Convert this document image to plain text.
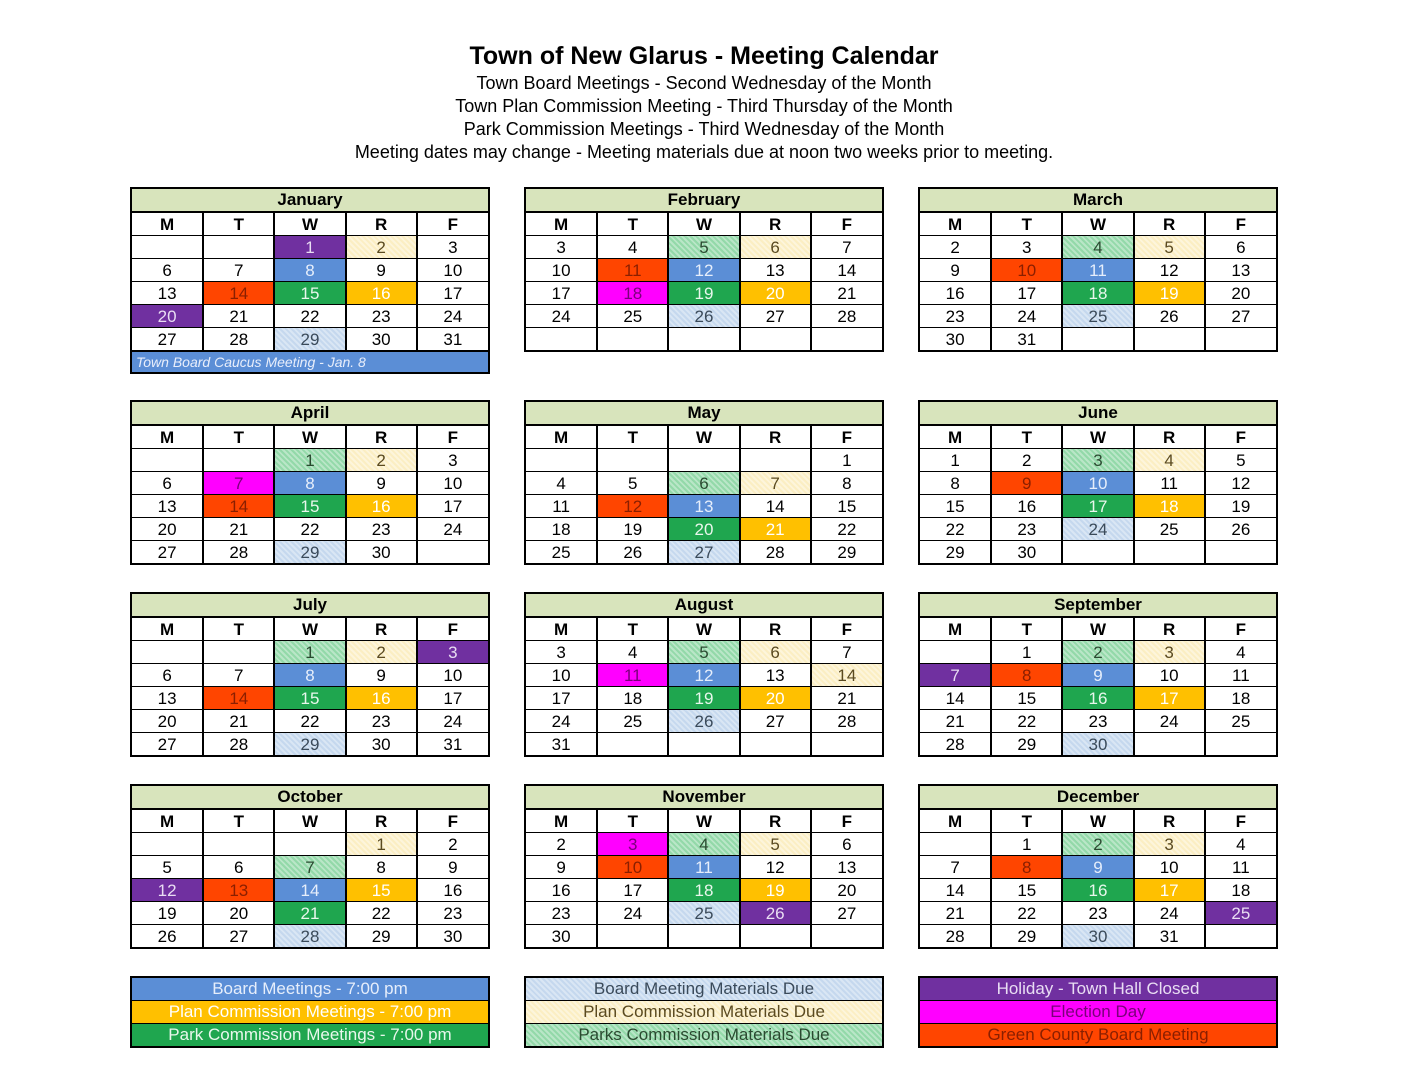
Town of New Glarus - Meeting Calendar
Town Board Meetings - Second Wednesday of the Month
Town Plan Commission Meeting - Third Thursday of the Month
Park Commission Meetings - Third Wednesday of the Month
Meeting dates may change - Meeting materials due at noon two weeks prior to meeting.
January
M	T	W	R	F
		1	2	3
6	7	8	9	10
13	14	15	16	17
20	21	22	23	24
27	28	29	30	31
Town Board Caucus Meeting - Jan. 8
February
M	T	W	R	F
3	4	5	6	7
10	11	12	13	14
17	18	19	20	21
24	25	26	27	28

March
M	T	W	R	F
2	3	4	5	6
9	10	11	12	13
16	17	18	19	20
23	24	25	26	27
30	31			
April
M	T	W	R	F
		1	2	3
6	7	8	9	10
13	14	15	16	17
20	21	22	23	24
27	28	29	30	
May
M	T	W	R	F
				1
4	5	6	7	8
11	12	13	14	15
18	19	20	21	22
25	26	27	28	29
June
M	T	W	R	F
1	2	3	4	5
8	9	10	11	12
15	16	17	18	19
22	23	24	25	26
29	30			
July
M	T	W	R	F
		1	2	3
6	7	8	9	10
13	14	15	16	17
20	21	22	23	24
27	28	29	30	31
August
M	T	W	R	F
3	4	5	6	7
10	11	12	13	14
17	18	19	20	21
24	25	26	27	28
31				
September
M	T	W	R	F
	1	2	3	4
7	8	9	10	11
14	15	16	17	18
21	22	23	24	25
28	29	30		
October
M	T	W	R	F
			1	2
5	6	7	8	9
12	13	14	15	16
19	20	21	22	23
26	27	28	29	30
November
M	T	W	R	F
2	3	4	5	6
9	10	11	12	13
16	17	18	19	20
23	24	25	26	27
30				
December
M	T	W	R	F
	1	2	3	4
7	8	9	10	11
14	15	16	17	18
21	22	23	24	25
28	29	30	31	
Board Meetings - 7:00 pm
Plan Commission Meetings - 7:00 pm
Park Commission Meetings - 7:00 pm
Board Meeting Materials Due
Plan Commission Materials Due
Parks Commission Materials Due
Holiday - Town Hall Closed
Election Day
Green County Board Meeting
